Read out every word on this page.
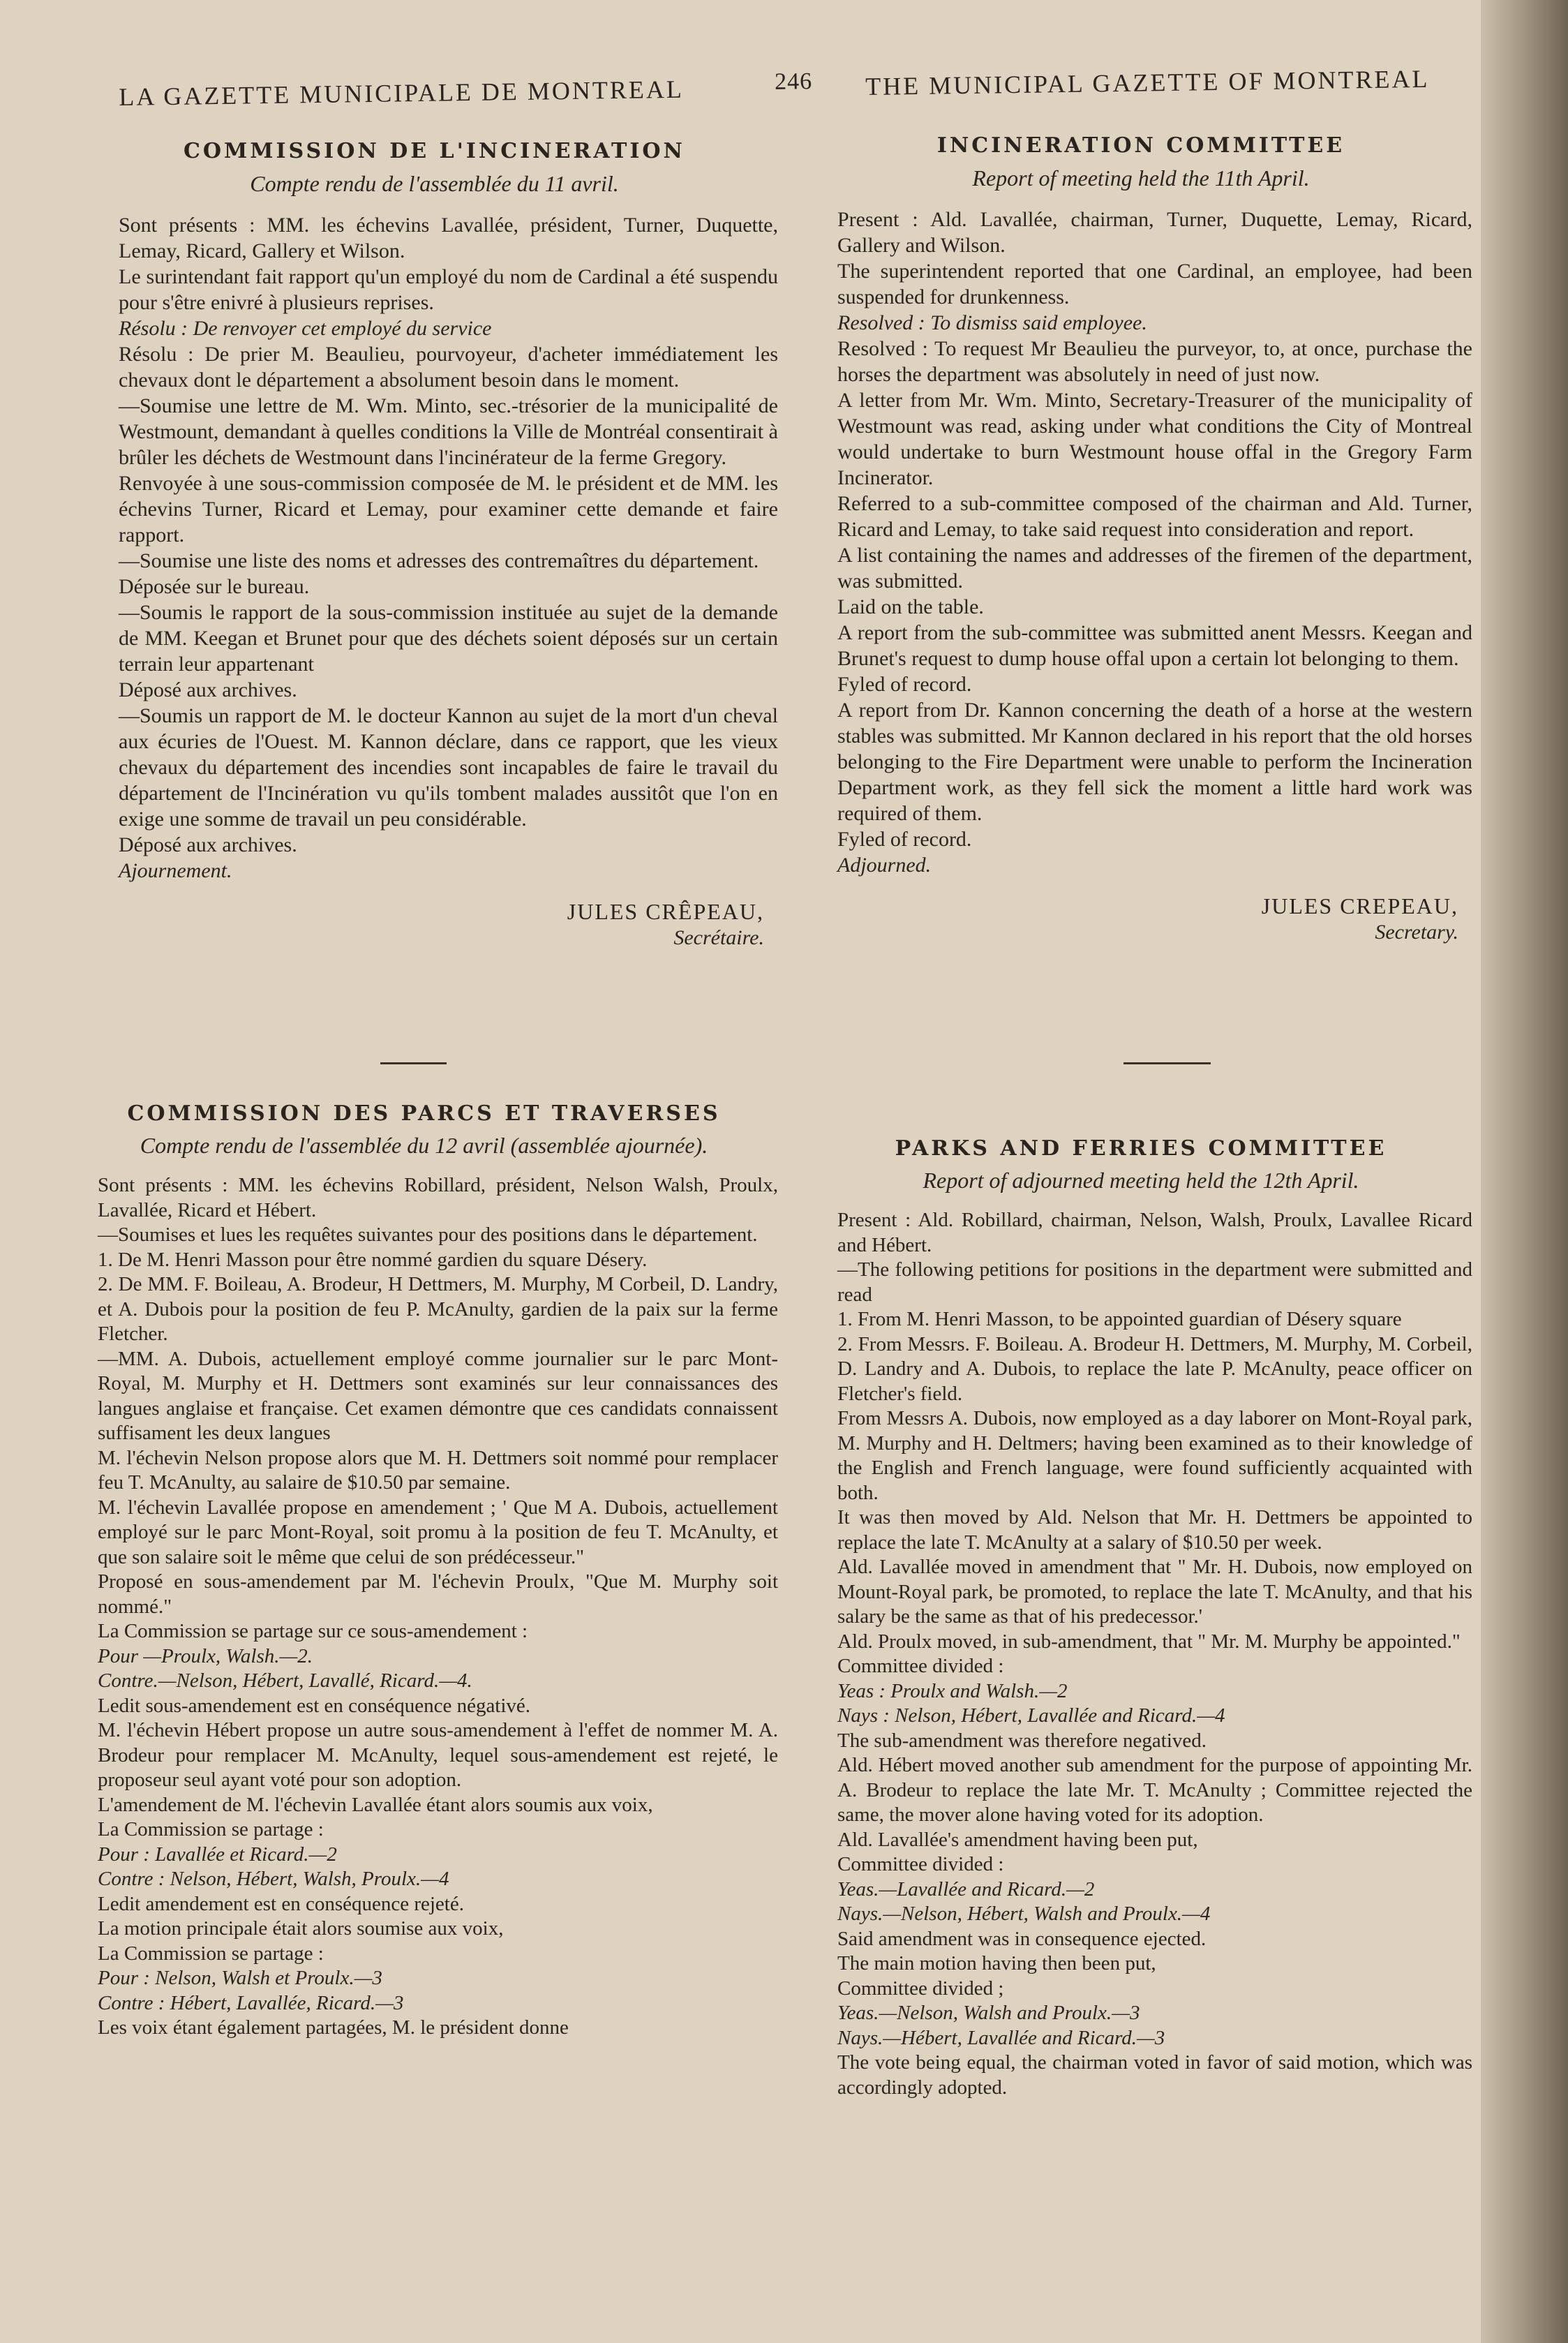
LA GAZETTE MUNICIPALE DE MONTREAL	246 THE MUNICIPAL GAZETTE OF MONTREAL
COMMISSION DE L'INCINERATION
Compte rendu de l'assemblée du 11 avril.

Sont présents : MM. les échevins Lavallée, président, Turner, Duquette, Lemay, Ricard, Gallery et Wilson.

Le surintendant fait rapport qu'un employé du nom de Cardinal a été suspendu pour s'être enivré à plusieurs reprises.

Résolu : De renvoyer cet employé du service

Résolu : De prier M. Beaulieu, pourvoyeur, d'acheter immédiatement les chevaux dont le département a absolument besoin dans le moment.

—Soumise une lettre de M. Wm. Minto, sec.-trésorier de la municipalité de Westmount, demandant à quelles conditions la Ville de Montréal consentirait à brûler les déchets de Westmount dans l'incinérateur de la ferme Gregory.

Renvoyée à une sous-commission composée de M. le président et de MM. les échevins Turner, Ricard et Lemay, pour examiner cette demande et faire rapport.

—Soumise une liste des noms et adresses des contremaîtres du département.

Déposée sur le bureau.

—Soumis le rapport de la sous-commission instituée au sujet de la demande de MM. Keegan et Brunet pour que des déchets soient déposés sur un certain terrain leur appartenant

Déposé aux archives.

—Soumis un rapport de M. le docteur Kannon au sujet de la mort d'un cheval aux écuries de l'Ouest. M. Kannon déclare, dans ce rapport, que les vieux chevaux du département des incendies sont incapables de faire le travail du département de l'Incinération vu qu'ils tombent malades aussitôt que l'on en exige une somme de travail un peu considérable.

Déposé aux archives.

Ajournement.

JULES CRÊPEAU,
Secrétaire.
INCINERATION COMMITTEE
Report of meeting held the 11th April.

Present : Ald. Lavallée, chairman, Turner, Duquette, Lemay, Ricard, Gallery and Wilson.

The superintendent reported that one Cardinal, an employee, had been suspended for drunkenness.

Resolved : To dismiss said employee.

Resolved : To request Mr Beaulieu the purveyor, to, at once, purchase the horses the department was absolutely in need of just now.

A letter from Mr. Wm. Minto, Secretary-Treasurer of the municipality of Westmount was read, asking under what conditions the City of Montreal would undertake to burn Westmount house offal in the Gregory Farm Incinerator.

Referred to a sub-committee composed of the chairman and Ald. Turner, Ricard and Lemay, to take said request into consideration and report.

A list containing the names and addresses of the firemen of the department, was submitted.

Laid on the table.

A report from the sub-committee was submitted anent Messrs. Keegan and Brunet's request to dump house offal upon a certain lot belonging to them.

Fyled of record.

A report from Dr. Kannon concerning the death of a horse at the western stables was submitted. Mr Kannon declared in his report that the old horses belonging to the Fire Department were unable to perform the Incineration Department work, as they fell sick the moment a little hard work was required of them.

Fyled of record.

Adjourned.

JULES CREPEAU,
Secretary.
COMMISSION DES PARCS ET TRAVERSES
Compte rendu de l'assemblée du 12 avril (assemblée ajournée).

Sont présents : MM. les échevins Robillard, président, Nelson Walsh, Proulx, Lavallée, Ricard et Hébert.

—Soumises et lues les requêtes suivantes pour des positions dans le département.

1. De M. Henri Masson pour être nommé gardien du square Désery.

2. De MM. F. Boileau, A. Brodeur, H Dettmers, M. Murphy, M Corbeil, D. Landry, et A. Dubois pour la position de feu P. McAnulty, gardien de la paix sur la ferme Fletcher.

—MM. A. Dubois, actuellement employé comme journalier sur le parc Mont-Royal, M. Murphy et H. Dettmers sont examinés sur leur connaissances des langues anglaise et française. Cet examen démontre que ces candidats connaissent suffisament les deux langues

M. l'échevin Nelson propose alors que M. H. Dettmers soit nommé pour remplacer feu T. McAnulty, au salaire de $10.50 par semaine.

M. l'échevin Lavallée propose en amendement ; ' Que M A. Dubois, actuellement employé sur le parc Mont-Royal, soit promu à la position de feu T. McAnulty, et que son salaire soit le même que celui de son prédécesseur."

Proposé en sous-amendement par M. l'échevin Proulx, "Que M. Murphy soit nommé."

La Commission se partage sur ce sous-amendement :

Pour —Proulx, Walsh.—2.

Contre.—Nelson, Hébert, Lavallé, Ricard.—4.

Ledit sous-amendement est en conséquence négativé.

M. l'échevin Hébert propose un autre sous-amendement à l'effet de nommer M. A. Brodeur pour remplacer M. McAnulty, lequel sous-amendement est rejeté, le proposeur seul ayant voté pour son adoption.

L'amendement de M. l'échevin Lavallée étant alors soumis aux voix,

La Commission se partage :

Pour : Lavallée et Ricard.—2

Contre : Nelson, Hébert, Walsh, Proulx.—4

Ledit amendement est en conséquence rejeté.

La motion principale était alors soumise aux voix,

La Commission se partage :

Pour : Nelson, Walsh et Proulx.—3

Contre : Hébert, Lavallée, Ricard.—3

Les voix étant également partagées, M. le président donne

PARKS AND FERRIES COMMITTEE
Report of adjourned meeting held the 12th April.

Present : Ald. Robillard, chairman, Nelson, Walsh, Proulx, Lavallee Ricard and Hébert.

—The following petitions for positions in the department were submitted and read

1. From M. Henri Masson, to be appointed guardian of Désery square

2. From Messrs. F. Boileau. A. Brodeur H. Dettmers, M. Murphy, M. Corbeil, D. Landry and A. Dubois, to replace the late P. McAnulty, peace officer on Fletcher's field.

From Messrs A. Dubois, now employed as a day laborer on Mont-Royal park, M. Murphy and H. Deltmers; having been examined as to their knowledge of the English and French language, were found sufficiently acquainted with both.

It was then moved by Ald. Nelson that Mr. H. Dettmers be appointed to replace the late T. McAnulty at a salary of $10.50 per week.

Ald. Lavallée moved in amendment that " Mr. H. Dubois, now employed on Mount-Royal park, be promoted, to replace the late T. McAnulty, and that his salary be the same as that of his predecessor.'

Ald. Proulx moved, in sub-amendment, that " Mr. M. Murphy be appointed."

Committee divided :

Yeas : Proulx and Walsh.—2

Nays : Nelson, Hébert, Lavallée and Ricard.—4

The sub-amendment was therefore negatived.

Ald. Hébert moved another sub amendment for the purpose of appointing Mr. A. Brodeur to replace the late Mr. T. McAnulty ; Committee rejected the same, the mover alone having voted for its adoption.

Ald. Lavallée's amendment having been put,

Committee divided :

Yeas.—Lavallée and Ricard.—2

Nays.—Nelson, Hébert, Walsh and Proulx.—4

Said amendment was in consequence ejected.

The main motion having then been put,

Committee divided ;

Yeas.—Nelson, Walsh and Proulx.—3

Nays.—Hébert, Lavallée and Ricard.—3

The vote being equal, the chairman voted in favor of said motion, which was accordingly adopted.
